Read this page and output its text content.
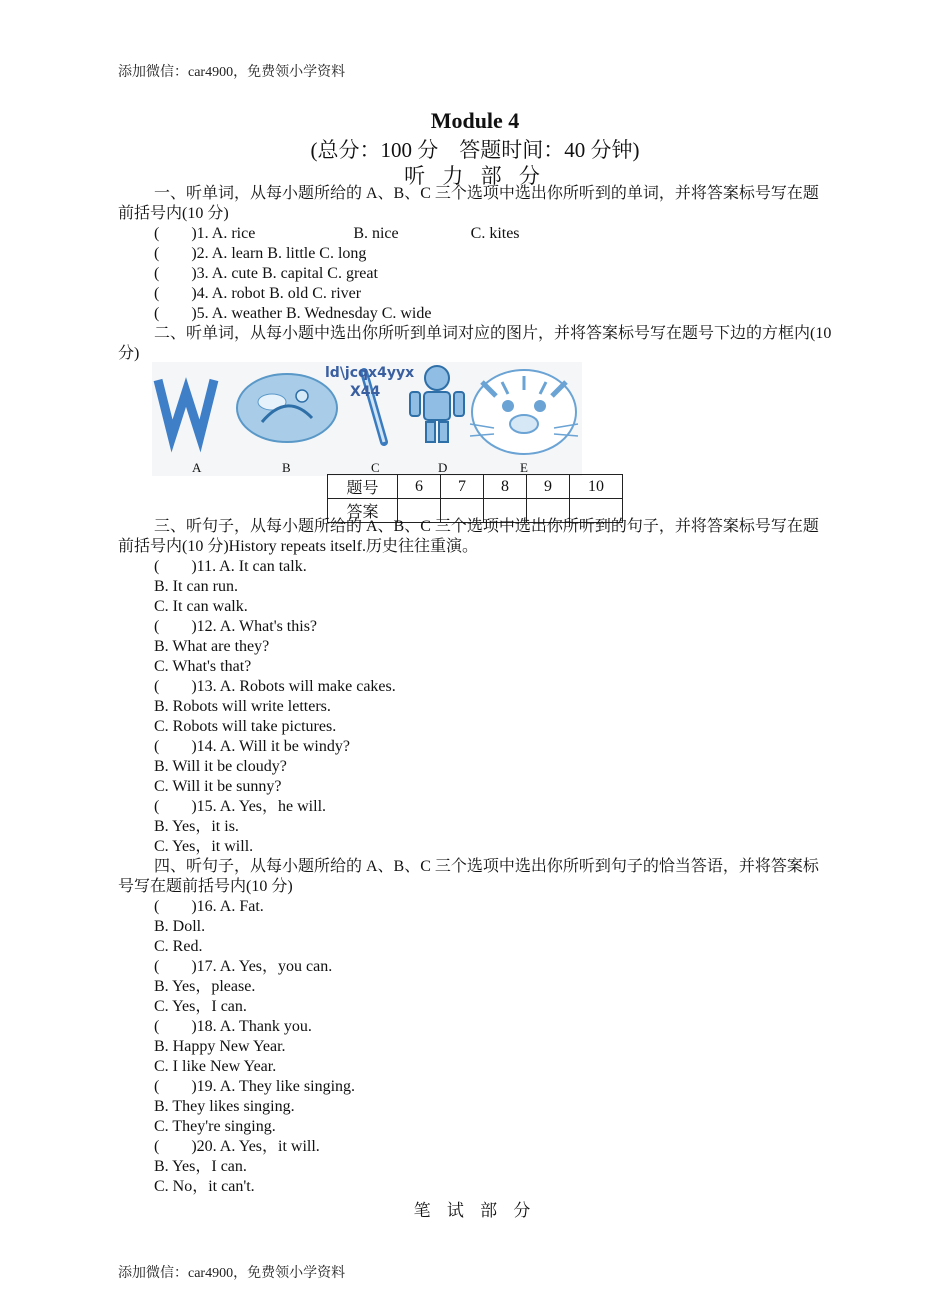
添加微信：car4900，免费领小学资料
Module 4
(总分：100 分　答题时间：40 分钟)
听 力 部 分
一、听单词，从每小题所给的 A、B、C 三个选项中选出你所听到的单词，并将答案标号写在题前括号内(10 分)
(　　)1. A. rice	B. nice	C. kites
(　　)2. A. learn B. little C. long
(　　)3. A. cute B. capital C. great
(　　)4. A. robot B. old C. river
(　　)5. A. weather B. Wednesday C. wide
二、听单词，从每小题中选出你所听到单词对应的图片，并将答案标号写在题号下边的方框内(10 分)
ld\jcqx4yyx
X44
A	B	C	D	E
题号	6	7	8	9	10
答案					
三、听句子，从每小题所给的 A、B、C 三个选项中选出你所听到的句子，并将答案标号写在题前括号内(10 分)History repeats itself.历史往往重演。
(　　)11. A. It can talk.
B. It can run.
C. It can walk.
(　　)12. A. What's this?
B. What are they?
C. What's that?
(　　)13. A. Robots will make cakes.
B. Robots will write letters.
C. Robots will take pictures.
(　　)14. A. Will it be windy?
B. Will it be cloudy?
C. Will it be sunny?
(　　)15. A. Yes，he will.
B. Yes，it is.
C. Yes，it will.
四、听句子，从每小题所给的 A、B、C 三个选项中选出你所听到句子的恰当答语，并将答案标号写在题前括号内(10 分)
(　　)16. A. Fat.
B. Doll.
C. Red.
(　　)17. A. Yes，you can.
B. Yes，please.
C. Yes，I can.
(　　)18. A. Thank you.
B. Happy New Year.
C. I like New Year.
(　　)19. A. They like singing.
B. They likes singing.
C. They're singing.
(　　)20. A. Yes，it will.
B. Yes，I can.
C. No，it can't.
笔 试 部 分
添加微信：car4900，免费领小学资料
